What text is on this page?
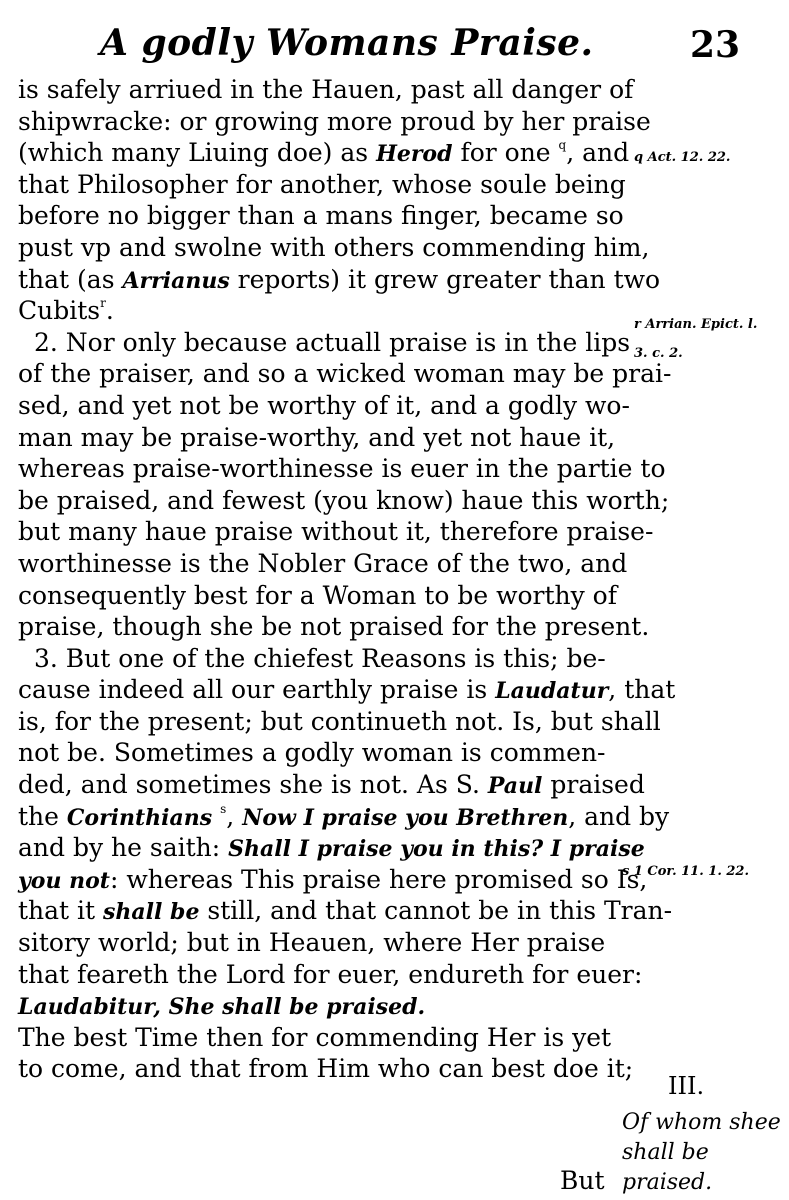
A godly Womans Praise.	23
is safely arriued in the Hauen, past all danger of
shipwracke: or growing more proud by her praise
(which many Liuing doe) as Herod for one $^q$, and
that Philosopher for another, whose soule being
before no bigger than a mans finger, became so
pust vp and swolne with others commending him,
that (as Arrianus reports) it grew greater than two
Cubits$^r$.
2. Nor only because actuall praise is in the lips
of the praiser, and so a wicked woman may be prai-
sed, and yet not be worthy of it, and a godly wo-
man may be praise-worthy, and yet not haue it,
whereas praise-worthinesse is euer in the partie to
be praised, and fewest (you know) haue this worth;
but many haue praise without it, therefore praise-
worthinesse is the Nobler Grace of the two, and
consequently best for a Woman to be worthy of
praise, though she be not praised for the present.
3. But one of the chiefest Reasons is this; be-
cause indeed all our earthly praise is Laudatur, that
is, for the present; but continueth not. Is, but shall
not be. Sometimes a godly woman is commen-
ded, and sometimes she is not. As S. Paul praised
the Corinthians $^s$, Now I praise you Brethren, and by
and by he saith: Shall I praise you in this? I praise
you not: whereas This praise here promised so Is,
that it shall be still, and that cannot be in this Tran-
sitory world; but in Heauen, where Her praise
that feareth the Lord for euer, endureth for euer:
Laudabitur, She shall be praised.
The best Time then for commending Her is yet
to come, and that from Him who can best doe it;
q Act. 12. 22.
r Arrian. Epict. l.
3. c. 2.
s 1 Cor. 11. 1. 22.
III.
Of whom shee
shall be praised.
But
